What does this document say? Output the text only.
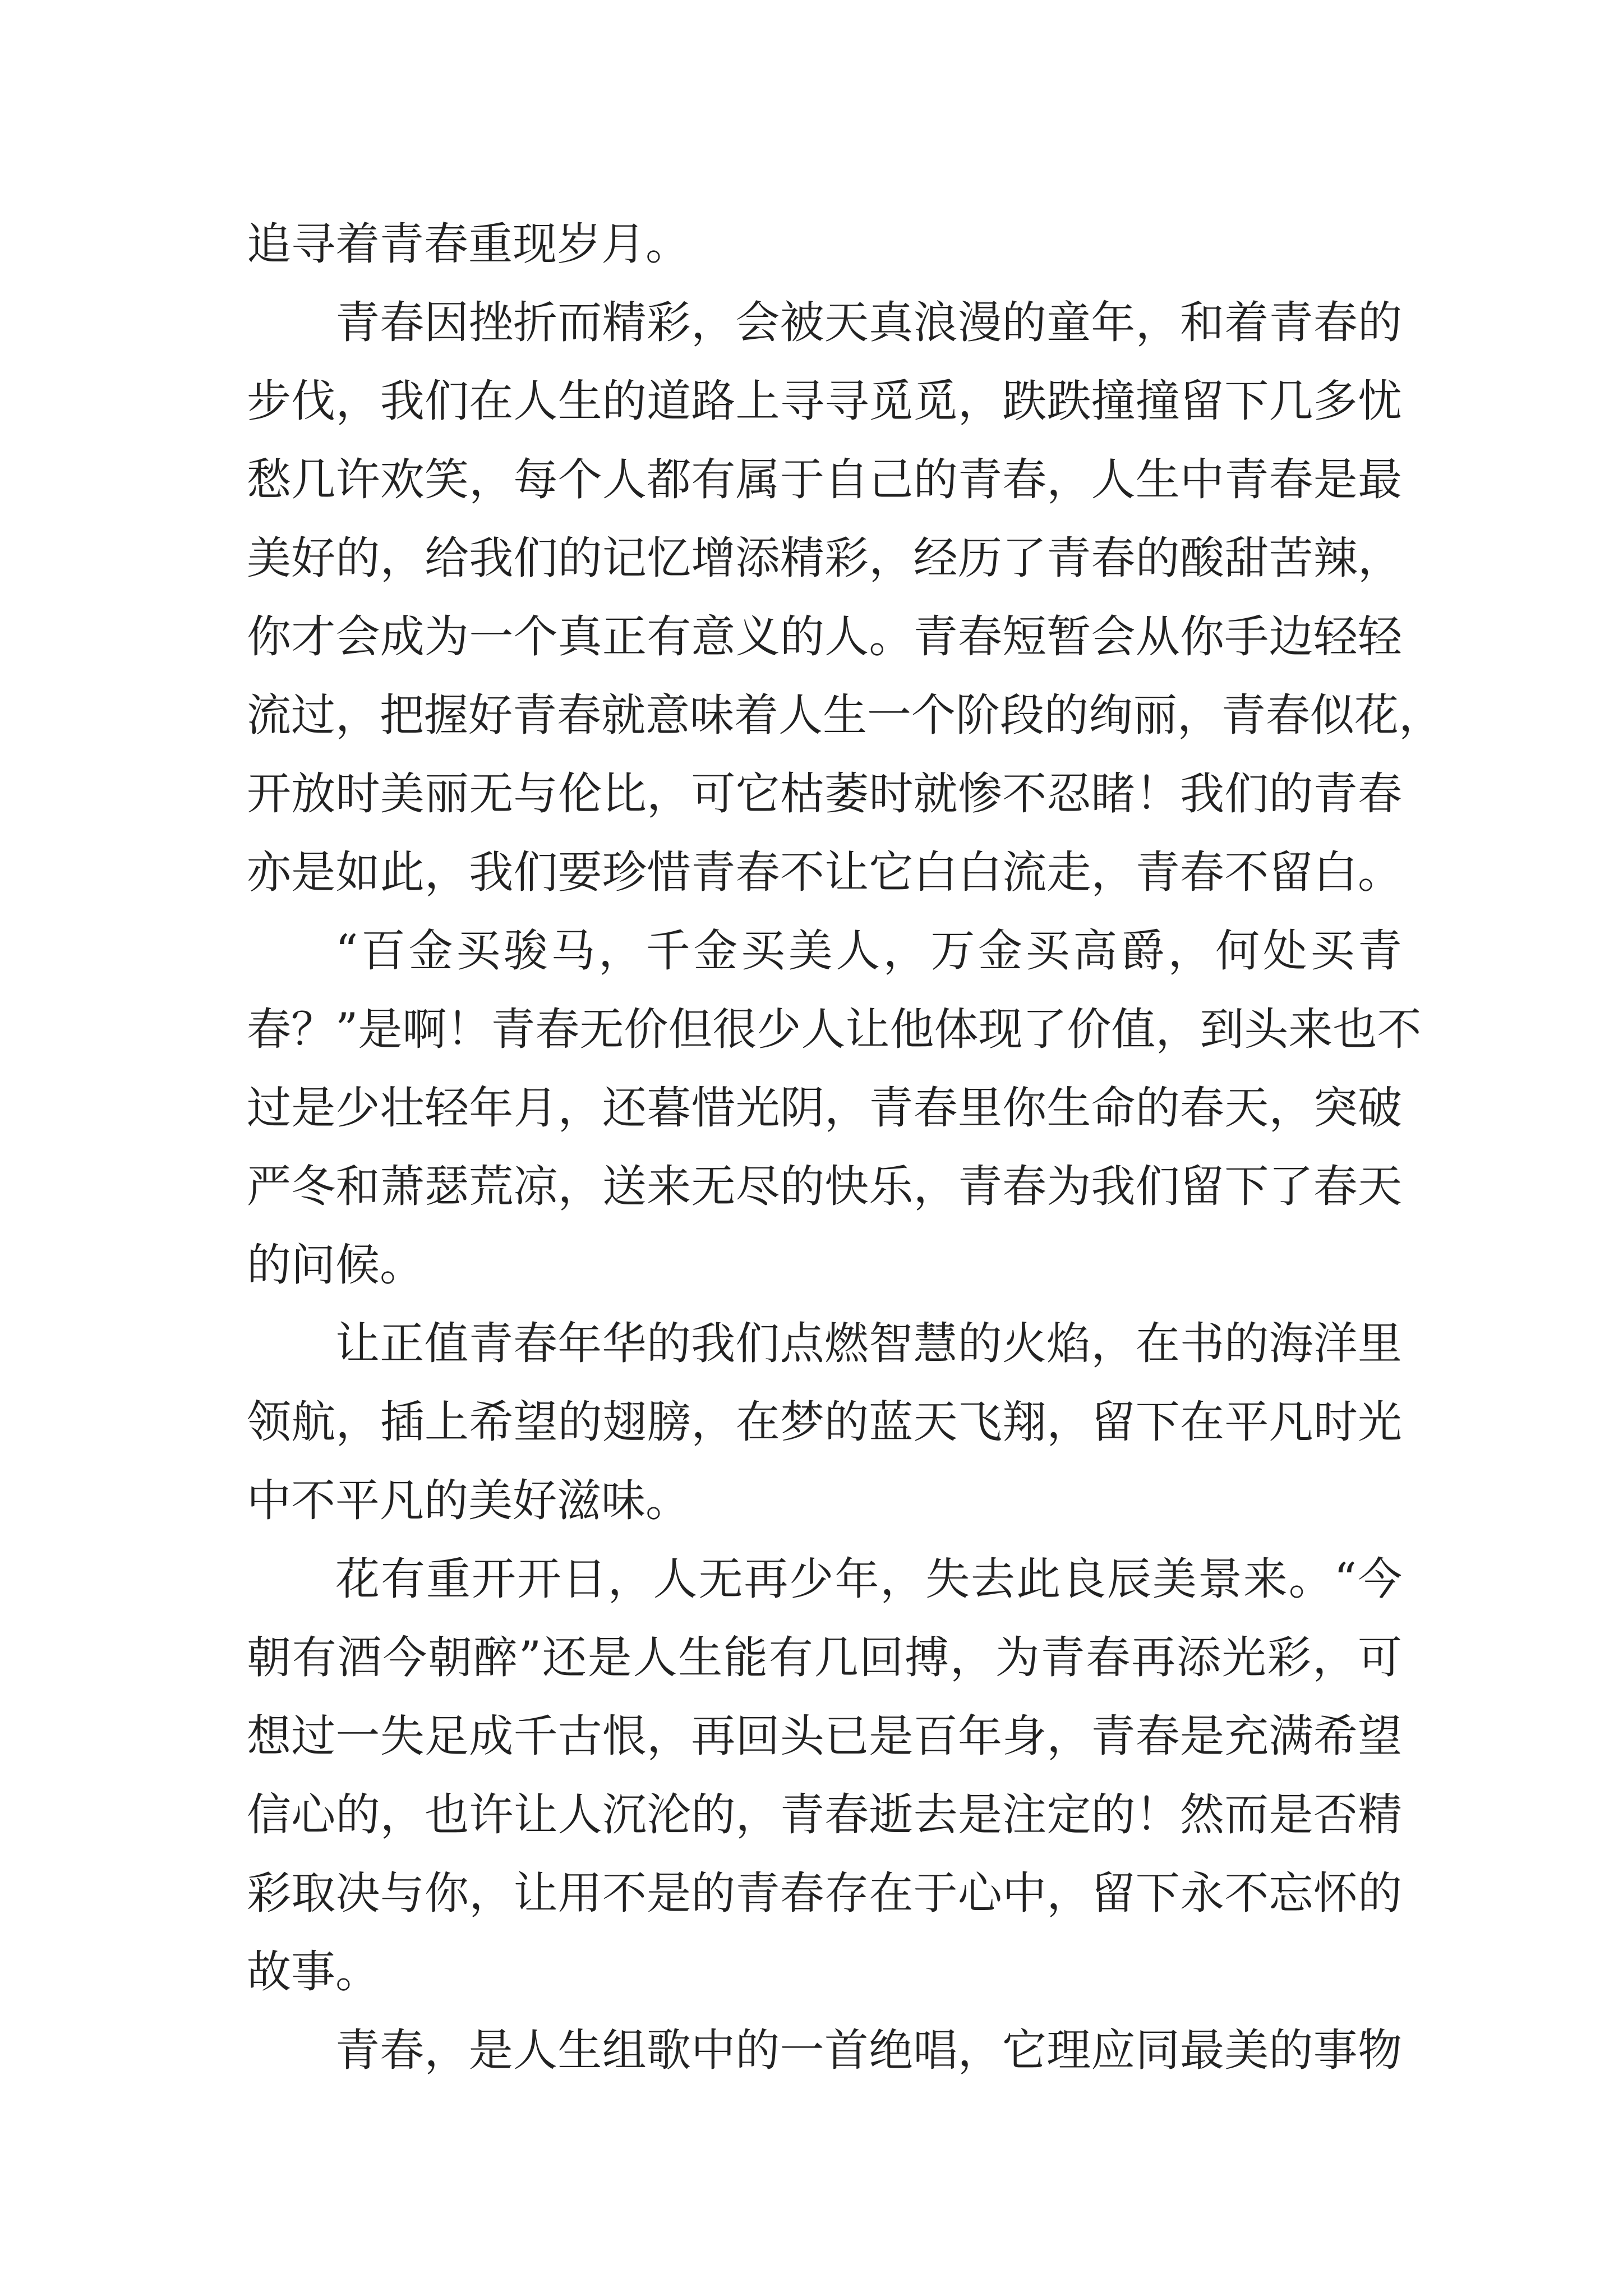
追寻着青春重现岁月。

青春因挫折而精彩，会被天真浪漫的童年，和着青春的

步伐，我们在人生的道路上寻寻觅觅，跌跌撞撞留下几多忧

愁几许欢笑，每个人都有属于自己的青春，人生中青春是最

美好的，给我们的记忆增添精彩，经历了青春的酸甜苦辣，

你才会成为一个真正有意义的人。青春短暂会从你手边轻轻

流过，把握好青春就意味着人生一个阶段的绚丽，青春似花，

开放时美丽无与伦比，可它枯萎时就惨不忍睹！我们的青春

亦是如此，我们要珍惜青春不让它白白流走，青春不留白。

“百金买骏马，千金买美人，万金买高爵，何处买青

春？”是啊！青春无价但很少人让他体现了价值，到头来也不

过是少壮轻年月，还暮惜光阴，青春里你生命的春天，突破

严冬和萧瑟荒凉，送来无尽的快乐，青春为我们留下了春天

的问候。

让正值青春年华的我们点燃智慧的火焰，在书的海洋里

领航，插上希望的翅膀，在梦的蓝天飞翔，留下在平凡时光

中不平凡的美好滋味。

花有重开开日，人无再少年，失去此良辰美景来。“今

朝有酒今朝醉”还是人生能有几回搏，为青春再添光彩，可

想过一失足成千古恨，再回头已是百年身，青春是充满希望

信心的，也许让人沉沦的，青春逝去是注定的！然而是否精

彩取决与你，让用不是的青春存在于心中，留下永不忘怀的

故事。

青春，是人生组歌中的一首绝唱，它理应同最美的事物
